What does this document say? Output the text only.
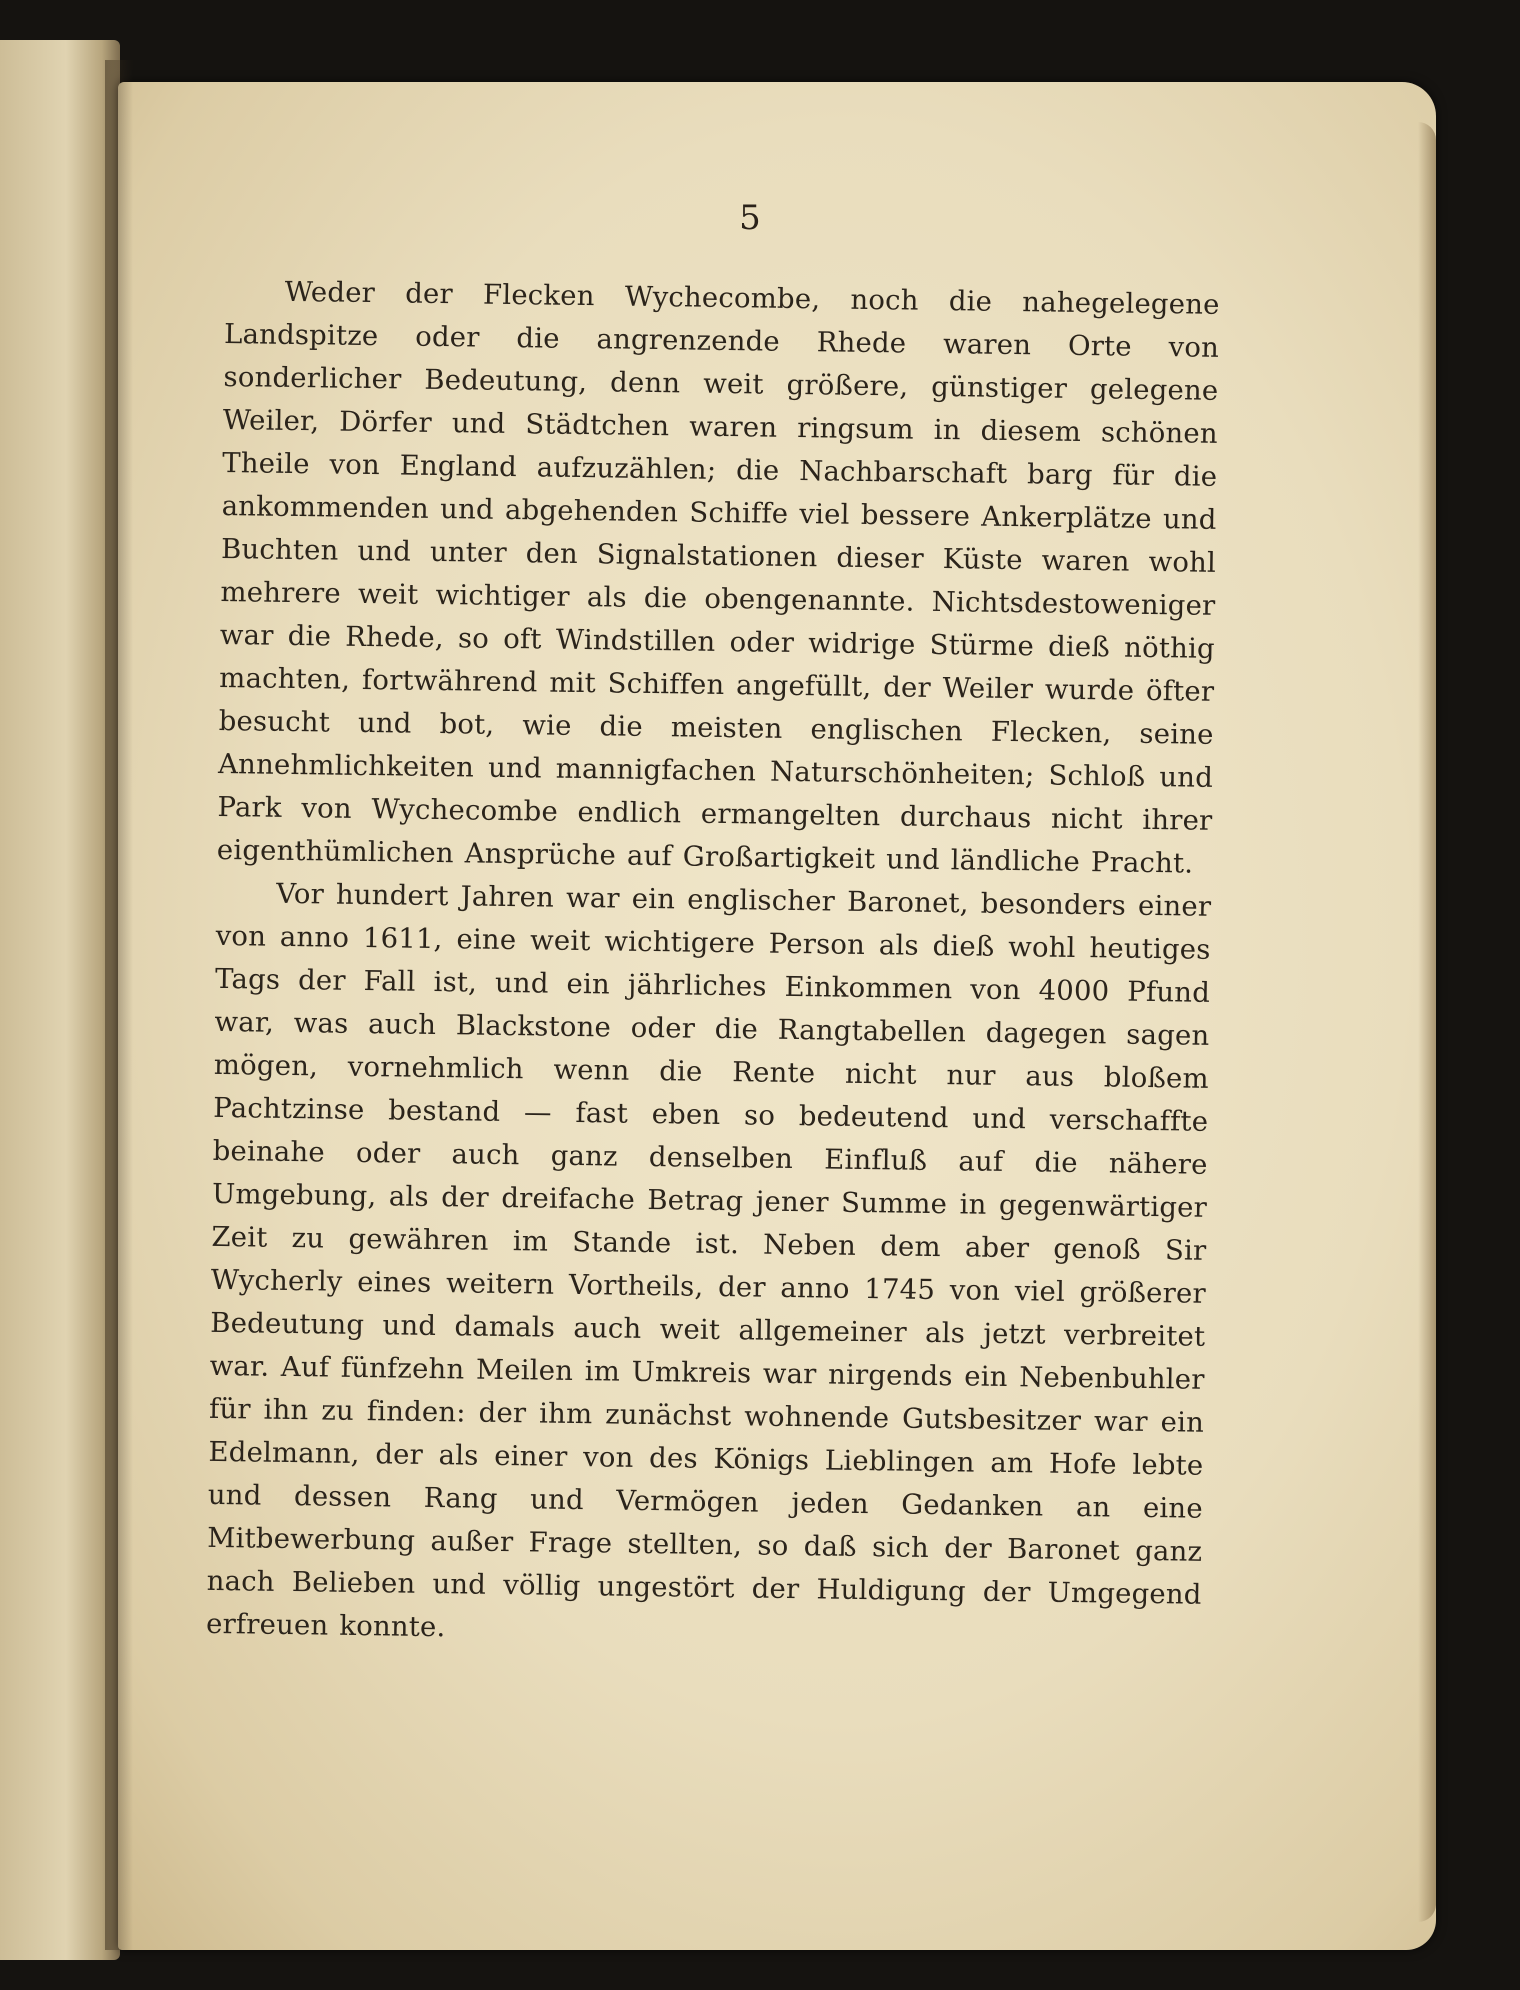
5

Weder der Flecken Wychecombe, noch die nahegelegene Landspitze oder die angrenzende Rhede waren Orte von sonderlicher Bedeutung, denn weit größere, günstiger gelegene Weiler, Dörfer und Städtchen waren ringsum in diesem schönen Theile von England aufzuzählen; die Nachbarschaft barg für die ankommenden und abgehenden Schiffe viel bessere Ankerplätze und Buchten und unter den Signalstationen dieser Küste waren wohl mehrere weit wichtiger als die obengenannte. Nichtsdestoweniger war die Rhede, so oft Windstillen oder widrige Stürme dieß nöthig machten, fortwährend mit Schiffen angefüllt, der Weiler wurde öfter besucht und bot, wie die meisten englischen Flecken, seine Annehmlichkeiten und mannigfachen Naturschönheiten; Schloß und Park von Wychecombe endlich ermangelten durchaus nicht ihrer eigenthümlichen Ansprüche auf Großartigkeit und ländliche Pracht.

Vor hundert Jahren war ein englischer Baronet, besonders einer von anno 1611, eine weit wichtigere Person als dieß wohl heutiges Tags der Fall ist, und ein jährliches Einkommen von 4000 Pfund war, was auch Blackstone oder die Rangtabellen dagegen sagen mögen, vornehmlich wenn die Rente nicht nur aus bloßem Pachtzinse bestand — fast eben so bedeutend und verschaffte beinahe oder auch ganz denselben Einfluß auf die nähere Umgebung, als der dreifache Betrag jener Summe in gegenwärtiger Zeit zu gewähren im Stande ist. Neben dem aber genoß Sir Wycherly eines weitern Vortheils, der anno 1745 von viel größerer Bedeutung und damals auch weit allgemeiner als jetzt verbreitet war. Auf fünfzehn Meilen im Umkreis war nirgends ein Nebenbuhler für ihn zu finden: der ihm zunächst wohnende Gutsbesitzer war ein Edelmann, der als einer von des Königs Lieblingen am Hofe lebte und dessen Rang und Vermögen jeden Gedanken an eine Mitbewerbung außer Frage stellten, so daß sich der Baronet ganz nach Belieben und völlig ungestört der Huldigung der Umgegend erfreuen konnte.
